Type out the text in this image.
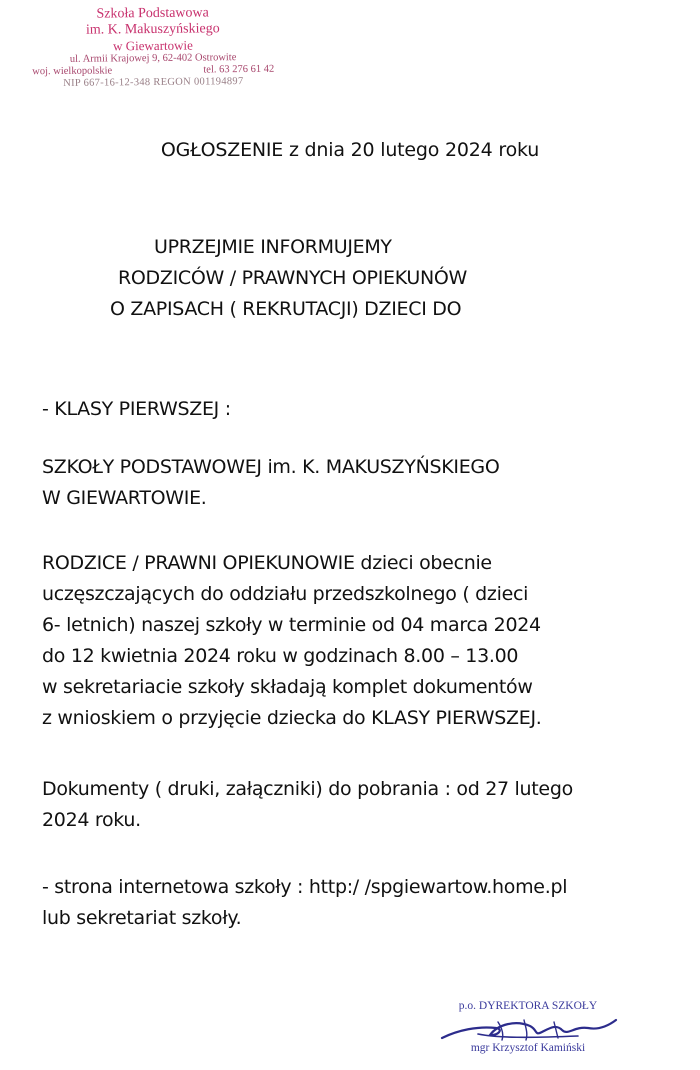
Szkoła Podstawowa
im. K. Makuszyńskiego
w Giewartowie
ul. Armii Krajowej 9, 62-402 Ostrowite
woj. wielkopolskie	tel. 63 276 61 42
NIP 667-16-12-348 REGON 001194897
OGŁOSZENIE z dnia 20 lutego 2024 roku
UPRZEJMIE INFORMUJEMY
RODZICÓW / PRAWNYCH OPIEKUNÓW
O ZAPISACH ( REKRUTACJI) DZIECI DO
- KLASY PIERWSZEJ :
SZKOŁY PODSTAWOWEJ im. K. MAKUSZYŃSKIEGO
W GIEWARTOWIE.
RODZICE / PRAWNI OPIEKUNOWIE dzieci obecnie
uczęszczających do oddziału przedszkolnego ( dzieci
6- letnich) naszej szkoły w terminie od 04 marca 2024
do 12 kwietnia 2024 roku w godzinach 8.00 – 13.00
w sekretariacie szkoły składają komplet dokumentów
z wnioskiem o przyjęcie dziecka do KLASY PIERWSZEJ.
Dokumenty ( druki, załączniki) do pobrania : od 27 lutego
2024 roku.
- strona internetowa szkoły : http:/ /spgiewartow.home.pl
lub sekretariat szkoły.
p.o. DYREKTORA SZKOŁY
mgr Krzysztof Kamiński
